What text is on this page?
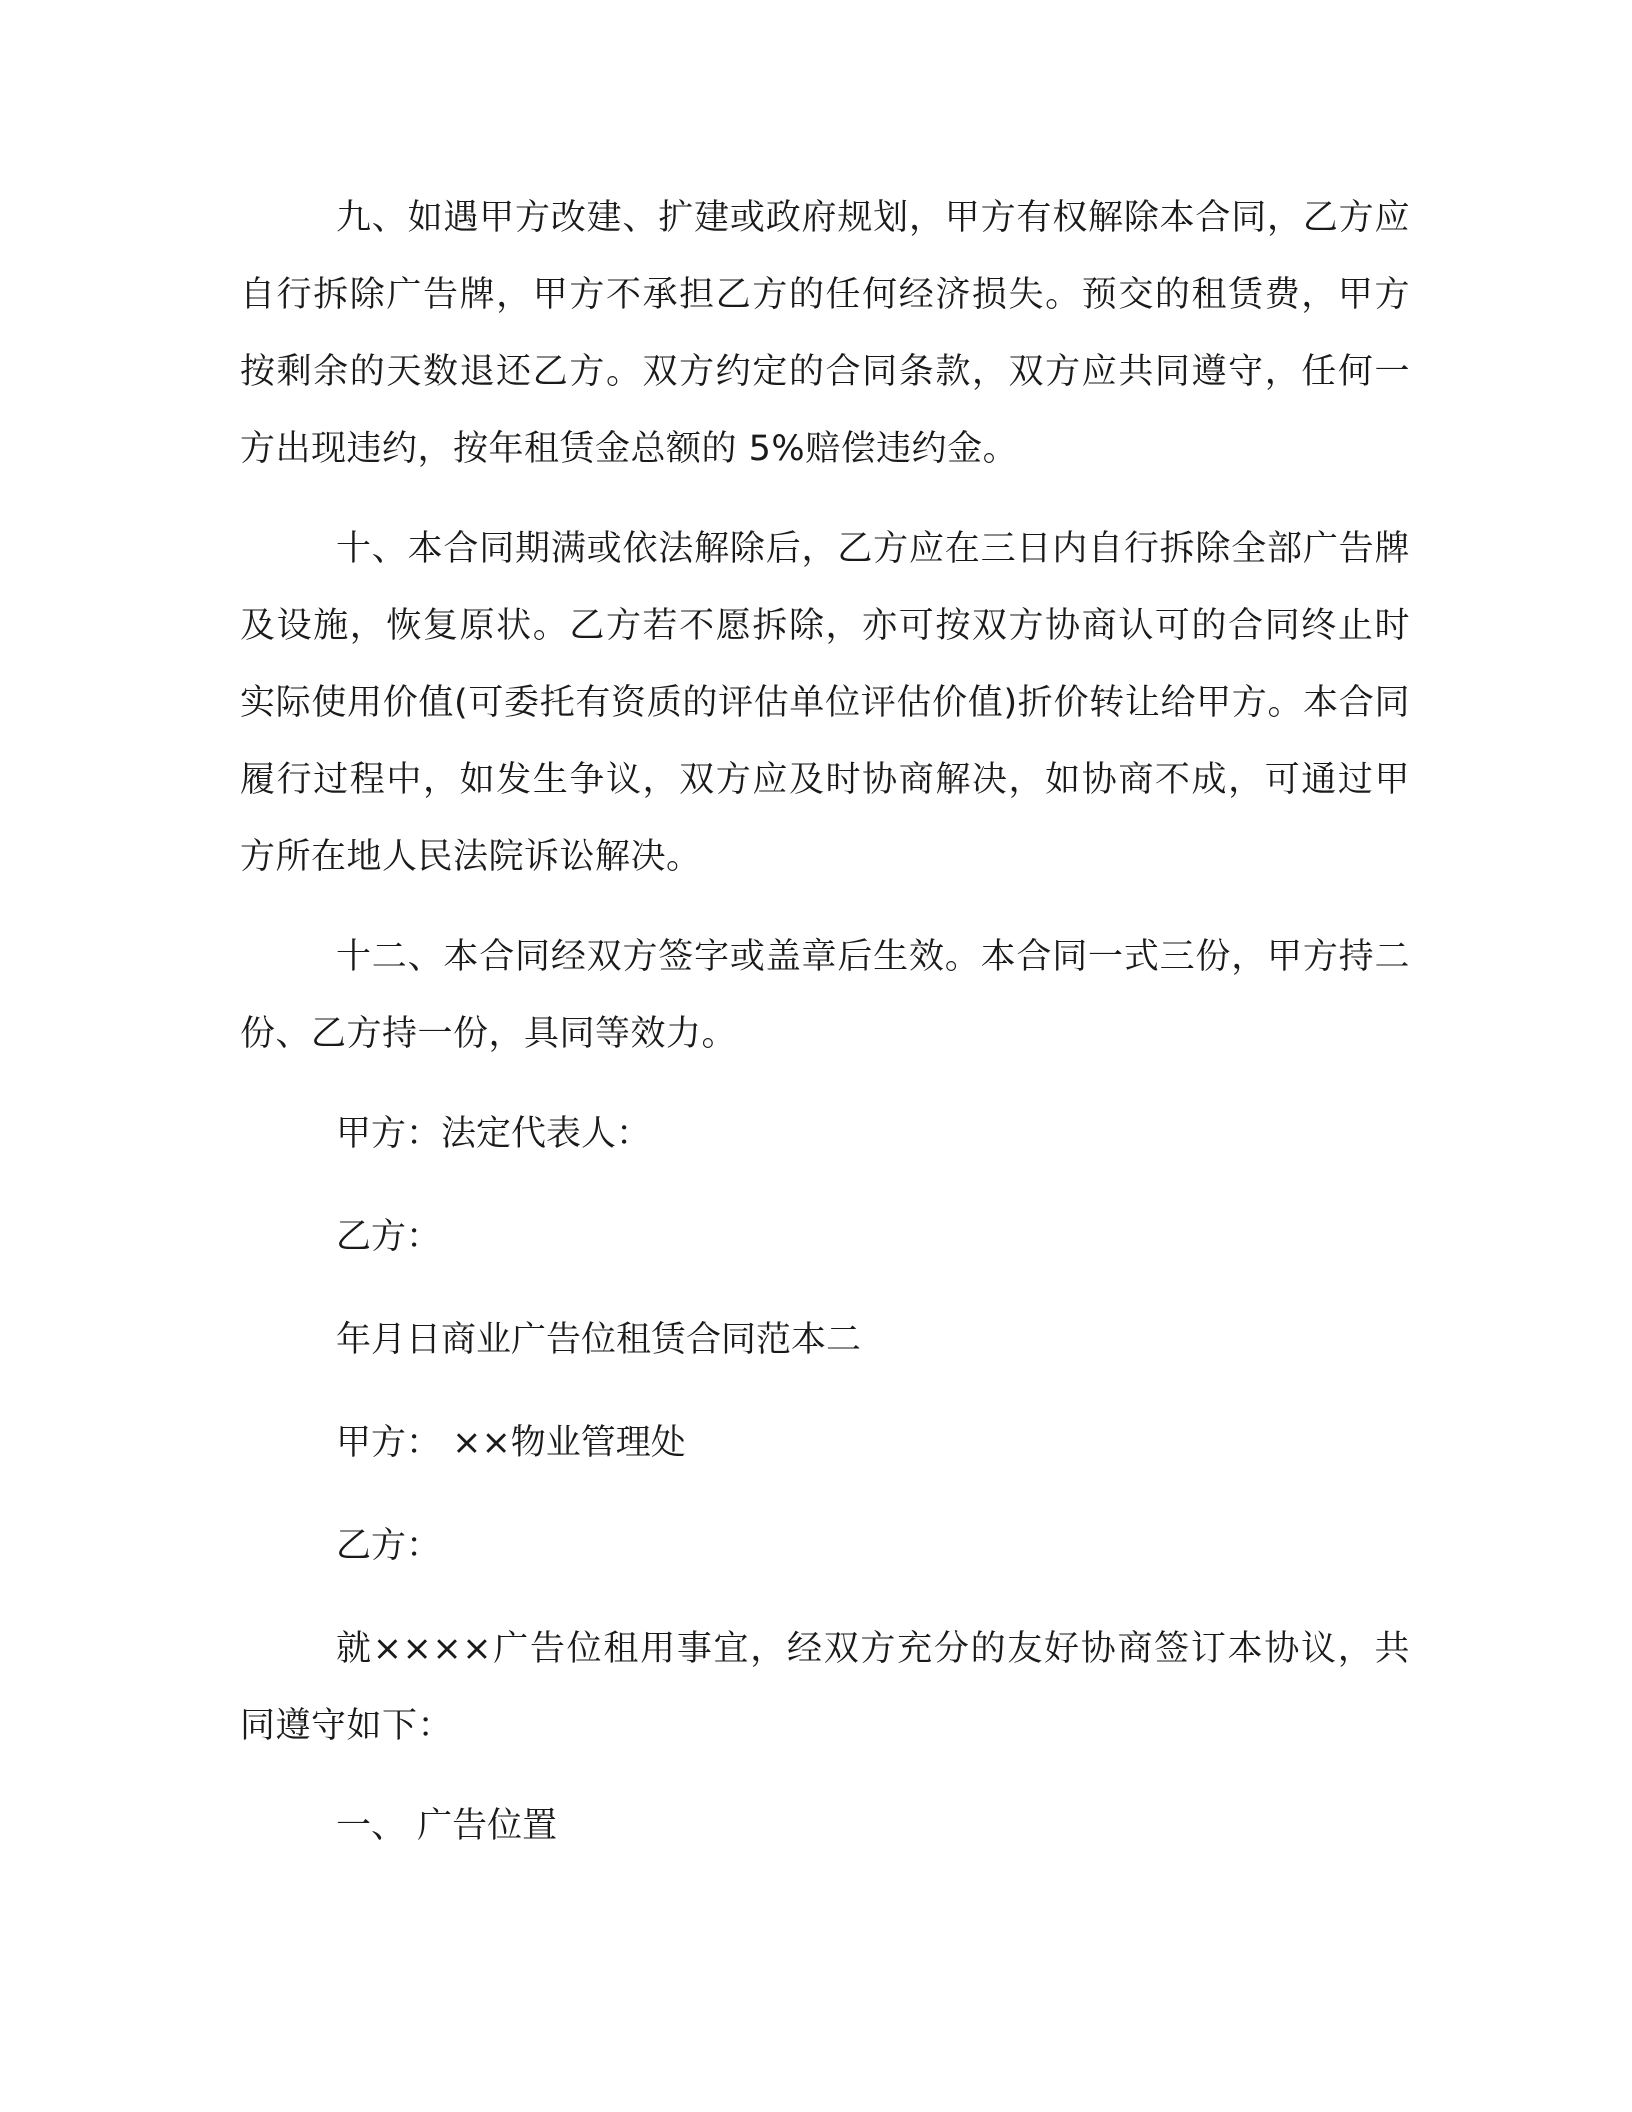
九、如遇甲方改建、扩建或政府规划，甲方有权解除本合同，乙方应自行拆除广告牌，甲方不承担乙方的任何经济损失。预交的租赁费，甲方按剩余的天数退还乙方。双方约定的合同条款，双方应共同遵守，任何一方出现违约，按年租赁金总额的 5%赔偿违约金。

十、本合同期满或依法解除后，乙方应在三日内自行拆除全部广告牌及设施，恢复原状。乙方若不愿拆除，亦可按双方协商认可的合同终止时实际使用价值(可委托有资质的评估单位评估价值)折价转让给甲方。本合同履行过程中，如发生争议，双方应及时协商解决，如协商不成，可通过甲方所在地人民法院诉讼解决。

十二、本合同经双方签字或盖章后生效。本合同一式三份，甲方持二份、乙方持一份，具同等效力。

甲方：法定代表人：

乙方：

年月日商业广告位租赁合同范本二

甲方： ××物业管理处

乙方：

就××××广告位租用事宜，经双方充分的友好协商签订本协议，共同遵守如下：

一、 广告位置
